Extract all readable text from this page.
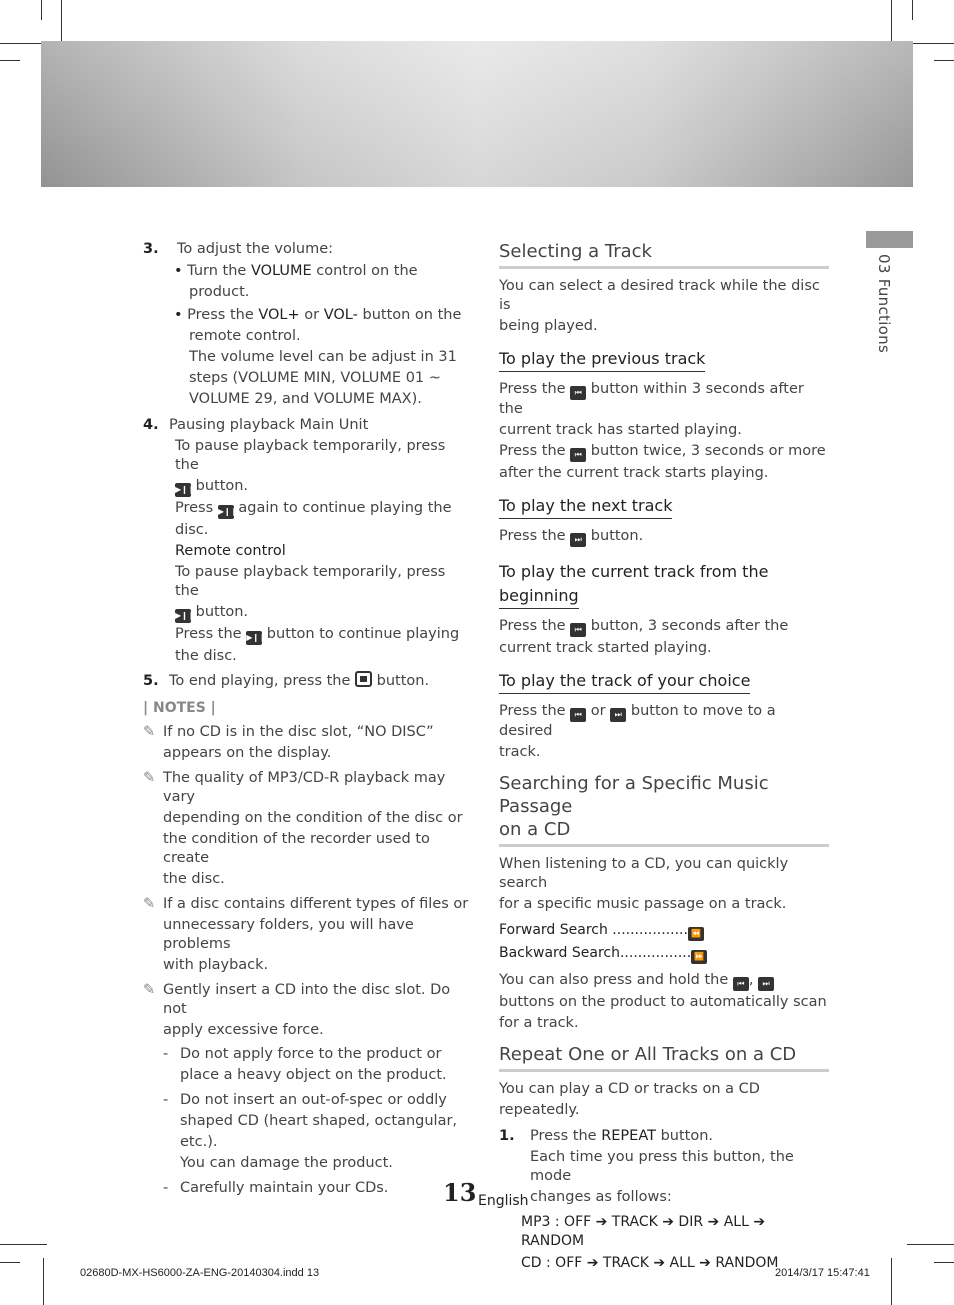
03 Functions

3. To adjust the volume:

• Turn the VOLUME control on the

product.

• Press the VOL+ or VOL- button on the

remote control.

The volume level can be adjust in 31

steps (VOLUME MIN, VOLUME 01 ~

VOLUME 29, and VOLUME MAX).

4. Pausing playback Main Unit

To pause playback temporarily, press the

▶❙❙ button.

Press ▶❙❙ again to continue playing the

disc.

Remote control

To pause playback temporarily, press the

▶❙❙ button.

Press the ▶❙❙ button to continue playing

the disc.

5. To end playing, press the  button.

| NOTES |

✎ If no CD is in the disc slot, “NO DISC”

appears on the display.

✎ The quality of MP3/CD-R playback may vary

depending on the condition of the disc or

the condition of the recorder used to create

the disc.

✎ If a disc contains different types of files or

unnecessary folders, you will have problems

with playback.

✎ Gently insert a CD into the disc slot. Do not

apply excessive force.

- Do not apply force to the product or

place a heavy object on the product.

- Do not insert an out-of-spec or oddly

shaped CD (heart shaped, octangular,

etc.).

You can damage the product.

- Carefully maintain your CDs.

Selecting a Track

You can select a desired track while the disc is

being played.

To play the previous track

Press the ⏮ button within 3 seconds after the

current track has started playing.

Press the ⏮ button twice, 3 seconds or more

after the current track starts playing.

To play the next track

Press the ⏭ button.

To play the current track from the

beginning

Press the ⏮ button, 3 seconds after the

current track started playing.

To play the track of your choice

Press the ⏮ or ⏭ button to move to a desired

track.

Searching for a Specific Music Passage
on a CD

When listening to a CD, you can quickly search

for a specific music passage on a track.

Forward Search ................. ⏪

Backward Search................ ⏩

You can also press and hold the ⏮ , ⏭

buttons on the product to automatically scan

for a track.

Repeat One or All Tracks on a CD

You can play a CD or tracks on a CD

repeatedly.

1. Press the REPEAT button.

Each time you press this button, the mode

changes as follows:

MP3 : OFF ➔ TRACK ➔ DIR ➔ ALL ➔ RANDOM

CD : OFF ➔ TRACK ➔ ALL ➔ RANDOM

13 English
02680D-MX-HS6000-ZA-ENG-20140304.indd 13	2014/3/17 15:47:41
